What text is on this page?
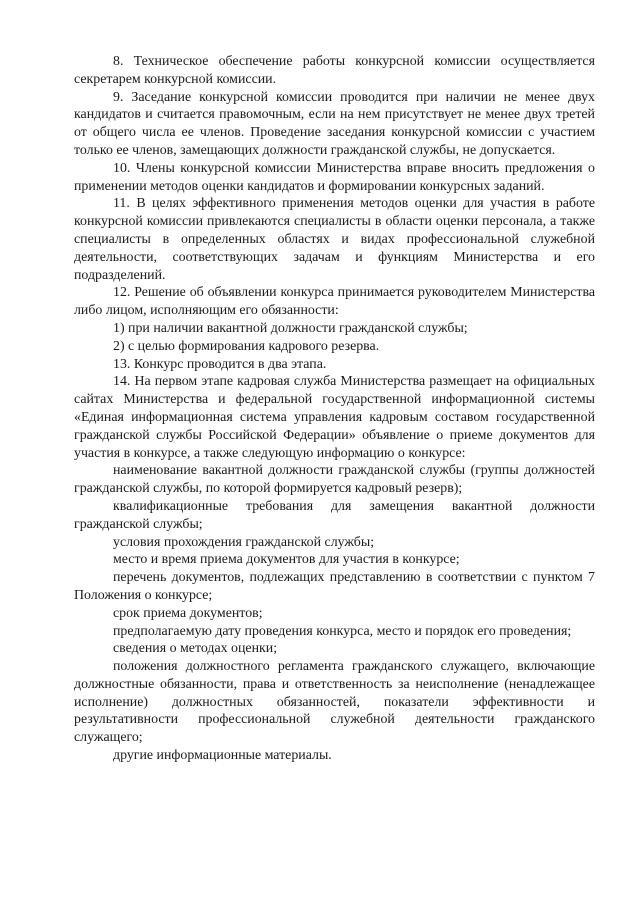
8. Техническое обеспечение работы конкурсной комиссии осуществляется секретарем конкурсной комиссии.

9. Заседание конкурсной комиссии проводится при наличии не менее двух кандидатов и считается правомочным, если на нем присутствует не менее двух третей от общего числа ее членов. Проведение заседания конкурсной комиссии с участием только ее членов, замещающих должности гражданской службы, не допускается.

10. Члены конкурсной комиссии Министерства вправе вносить предложения о применении методов оценки кандидатов и формировании конкурсных заданий.

11. В целях эффективного применения методов оценки для участия в работе конкурсной комиссии привлекаются специалисты в области оценки персонала, а также специалисты в определенных областях и видах профессиональной служебной деятельности, соответствующих задачам и функциям Министерства и его подразделений.

12. Решение об объявлении конкурса принимается руководителем Министерства либо лицом, исполняющим его обязанности:

1) при наличии вакантной должности гражданской службы;

2) с целью формирования кадрового резерва.

13. Конкурс проводится в два этапа.

14. На первом этапе кадровая служба Министерства размещает на официальных сайтах Министерства и федеральной государственной информационной системы «Единая информационная система управления кадровым составом государственной гражданской службы Российской Федерации» объявление о приеме документов для участия в конкурсе, а также следующую информацию о конкурсе:

наименование вакантной должности гражданской службы (группы должностей гражданской службы, по которой формируется кадровый резерв);

квалификационные требования для замещения вакантной должности гражданской службы;

условия прохождения гражданской службы;

место и время приема документов для участия в конкурсе;

перечень документов, подлежащих представлению в соответствии с пунктом 7 Положения о конкурсе;

срок приема документов;

предполагаемую дату проведения конкурса, место и порядок его проведения;

сведения о методах оценки;

положения должностного регламента гражданского служащего, включающие должностные обязанности, права и ответственность за неисполнение (ненадлежащее исполнение) должностных обязанностей, показатели эффективности и результативности профессиональной служебной деятельности гражданского служащего;

другие информационные материалы.
